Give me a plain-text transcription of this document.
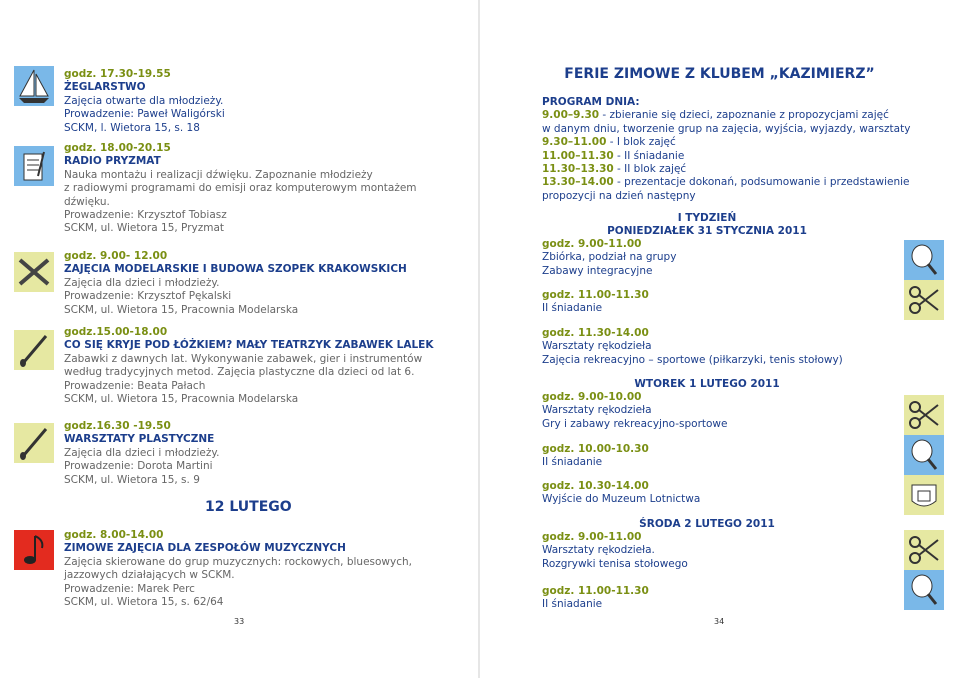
godz. 17.30-19.55
ŻEGLARSTWO
Zajęcia otwarte dla młodzieży.
Prowadzenie: Paweł Waligórski
SCKM, l. Wietora 15, s. 18
godz. 18.00-20.15
RADIO PRYZMAT
Nauka montażu i realizacji dźwięku. Zapoznanie młodzieży
z radiowymi programami do emisji oraz komputerowym montażem
dźwięku.
Prowadzenie: Krzysztof Tobiasz
SCKM, ul. Wietora 15, Pryzmat
godz. 9.00- 12.00
ZAJĘCIA MODELARSKIE I BUDOWA SZOPEK KRAKOWSKICH
Zajęcia dla dzieci i młodzieży.
Prowadzenie: Krzysztof Pękalski
SCKM, ul. Wietora 15, Pracownia Modelarska
godz.15.00-18.00
CO SIĘ KRYJE POD ŁÓŻKIEM? MAŁY TEATRZYK ZABAWEK LALEK
Zabawki z dawnych lat. Wykonywanie zabawek, gier i instrumentów
według tradycyjnych metod. Zajęcia plastyczne dla dzieci od lat 6.
Prowadzenie: Beata Pałach
SCKM, ul. Wietora 15, Pracownia Modelarska
godz.16.30 -19.50
WARSZTATY PLASTYCZNE
Zajęcia dla dzieci i młodzieży.
Prowadzenie: Dorota Martini
SCKM, ul. Wietora 15, s. 9
12 LUTEGO
godz. 8.00-14.00
ZIMOWE ZAJĘCIA DLA ZESPOŁÓW MUZYCZNYCH
Zajęcia skierowane do grup muzycznych: rockowych, bluesowych,
jazzowych działających w SCKM.
Prowadzenie: Marek Perc
SCKM, ul. Wietora 15, s. 62/64
33
FERIE ZIMOWE Z KLUBEM „KAZIMIERZ”
PROGRAM DNIA:
9.00–9.30 - zbieranie się dzieci, zapoznanie z propozycjami zajęć
w danym dniu, tworzenie grup na zajęcia, wyjścia, wyjazdy, warsztaty
9.30–11.00 - I blok zajęć
11.00–11.30 - II śniadanie
11.30–13.30 - II blok zajęć
13.30–14.00 - prezentacje dokonań, podsumowanie i przedstawienie
propozycji na dzień następny
I TYDZIEŃ
PONIEDZIAŁEK 31 STYCZNIA 2011
godz. 9.00-11.00
Zbiórka, podział na grupy
Zabawy integracyjne
godz. 11.00-11.30
II śniadanie
godz. 11.30-14.00
Warsztaty rękodzieła
Zajęcia rekreacyjno – sportowe (piłkarzyki, tenis stołowy)
WTOREK 1 LUTEGO 2011
godz. 9.00-10.00
Warsztaty rękodzieła
Gry i zabawy rekreacyjno-sportowe
godz. 10.00-10.30
II śniadanie
godz. 10.30-14.00
Wyjście do Muzeum Lotnictwa
ŚRODA 2 LUTEGO 2011
godz. 9.00-11.00
Warsztaty rękodzieła.
Rozgrywki tenisa stołowego
godz. 11.00-11.30
II śniadanie
34
